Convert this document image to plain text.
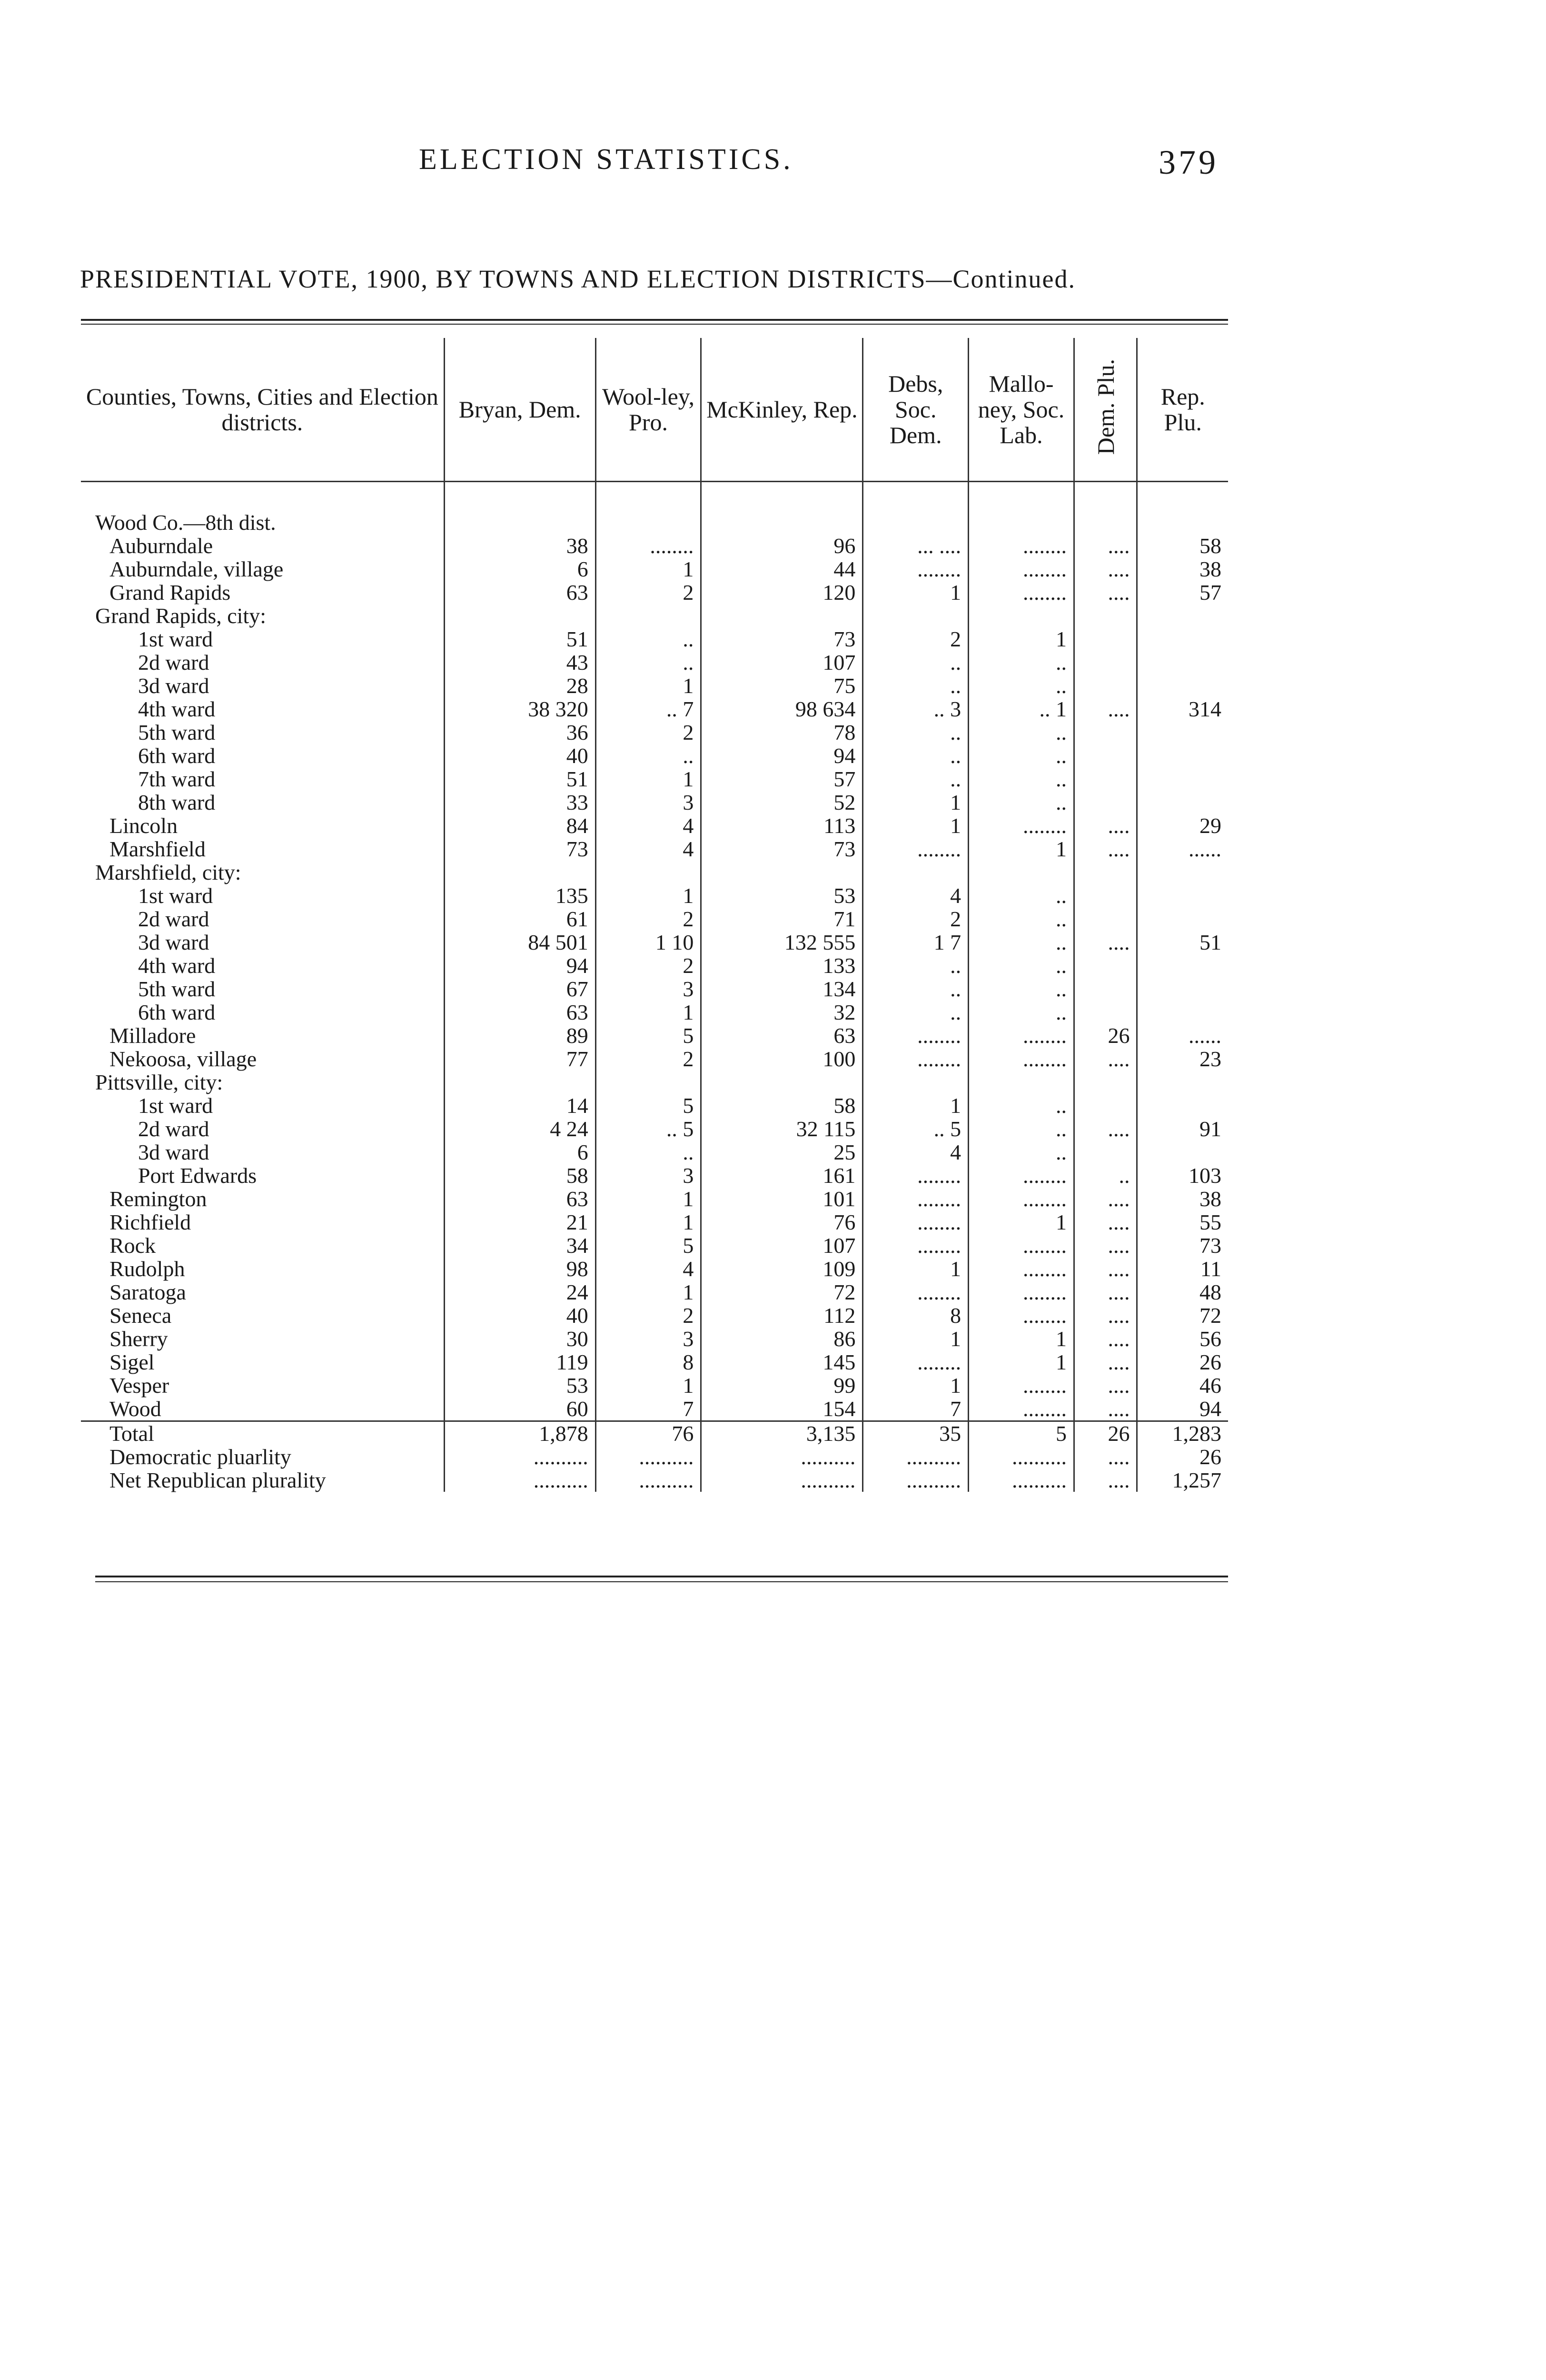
ELECTION STATISTICS.	379
PRESIDENTIAL VOTE, 1900, BY TOWNS AND ELECTION DISTRICTS—Continued.
Counties, Towns, Cities and Election districts.	Bryan, Dem.	Wool-ley, Pro.	McKinley, Rep.	Debs, Soc. Dem.	Mallo-ney, Soc. Lab.	Dem. Plu.	Rep. Plu.

Wood Co.—8th dist.							
Auburndale	38	........	96	... ....	........	....	58
Auburndale, village	6	1	44	........	........	....	38
Grand Rapids	63	2	120	1	........	....	57
Grand Rapids, city:							
1st ward	51	..	73	2	1		
2d ward	43	..	107	..	..		
3d ward	28	1	75	..	..		
4th ward	38 320	.. 7	98 634	.. 3	.. 1	....	314
5th ward	36	2	78	..	..		
6th ward	40	..	94	..	..		
7th ward	51	1	57	..	..		
8th ward	33	3	52	1	..		
Lincoln	84	4	113	1	........	....	29
Marshfield	73	4	73	........	1	....	......
Marshfield, city:							
1st ward	135	1	53	4	..		
2d ward	61	2	71	2	..		
3d ward	84 501	1 10	132 555	1 7	..	....	51
4th ward	94	2	133	..	..		
5th ward	67	3	134	..	..		
6th ward	63	1	32	..	..		
Milladore	89	5	63	........	........	26	......
Nekoosa, village	77	2	100	........	........	....	23
Pittsville, city:							
1st ward	14	5	58	1	..		
2d ward	4 24	.. 5	32 115	.. 5	..	....	91
3d ward	6	..	25	4	..		
Port Edwards	58	3	161	........	........	..	103
Remington	63	1	101	........	........	....	38
Richfield	21	1	76	........	1	....	55
Rock	34	5	107	........	........	....	73
Rudolph	98	4	109	1	........	....	11
Saratoga	24	1	72	........	........	....	48
Seneca	40	2	112	8	........	....	72
Sherry	30	3	86	1	1	....	56
Sigel	119	8	145	........	1	....	26
Vesper	53	1	99	1	........	....	46
Wood	60	7	154	7	........	....	94
Total	1,878	76	3,135	35	5	26	1,283
Democratic pluarlity	..........	..........	..........	..........	..........	....	26
Net Republican plurality	..........	..........	..........	..........	..........	....	1,257
